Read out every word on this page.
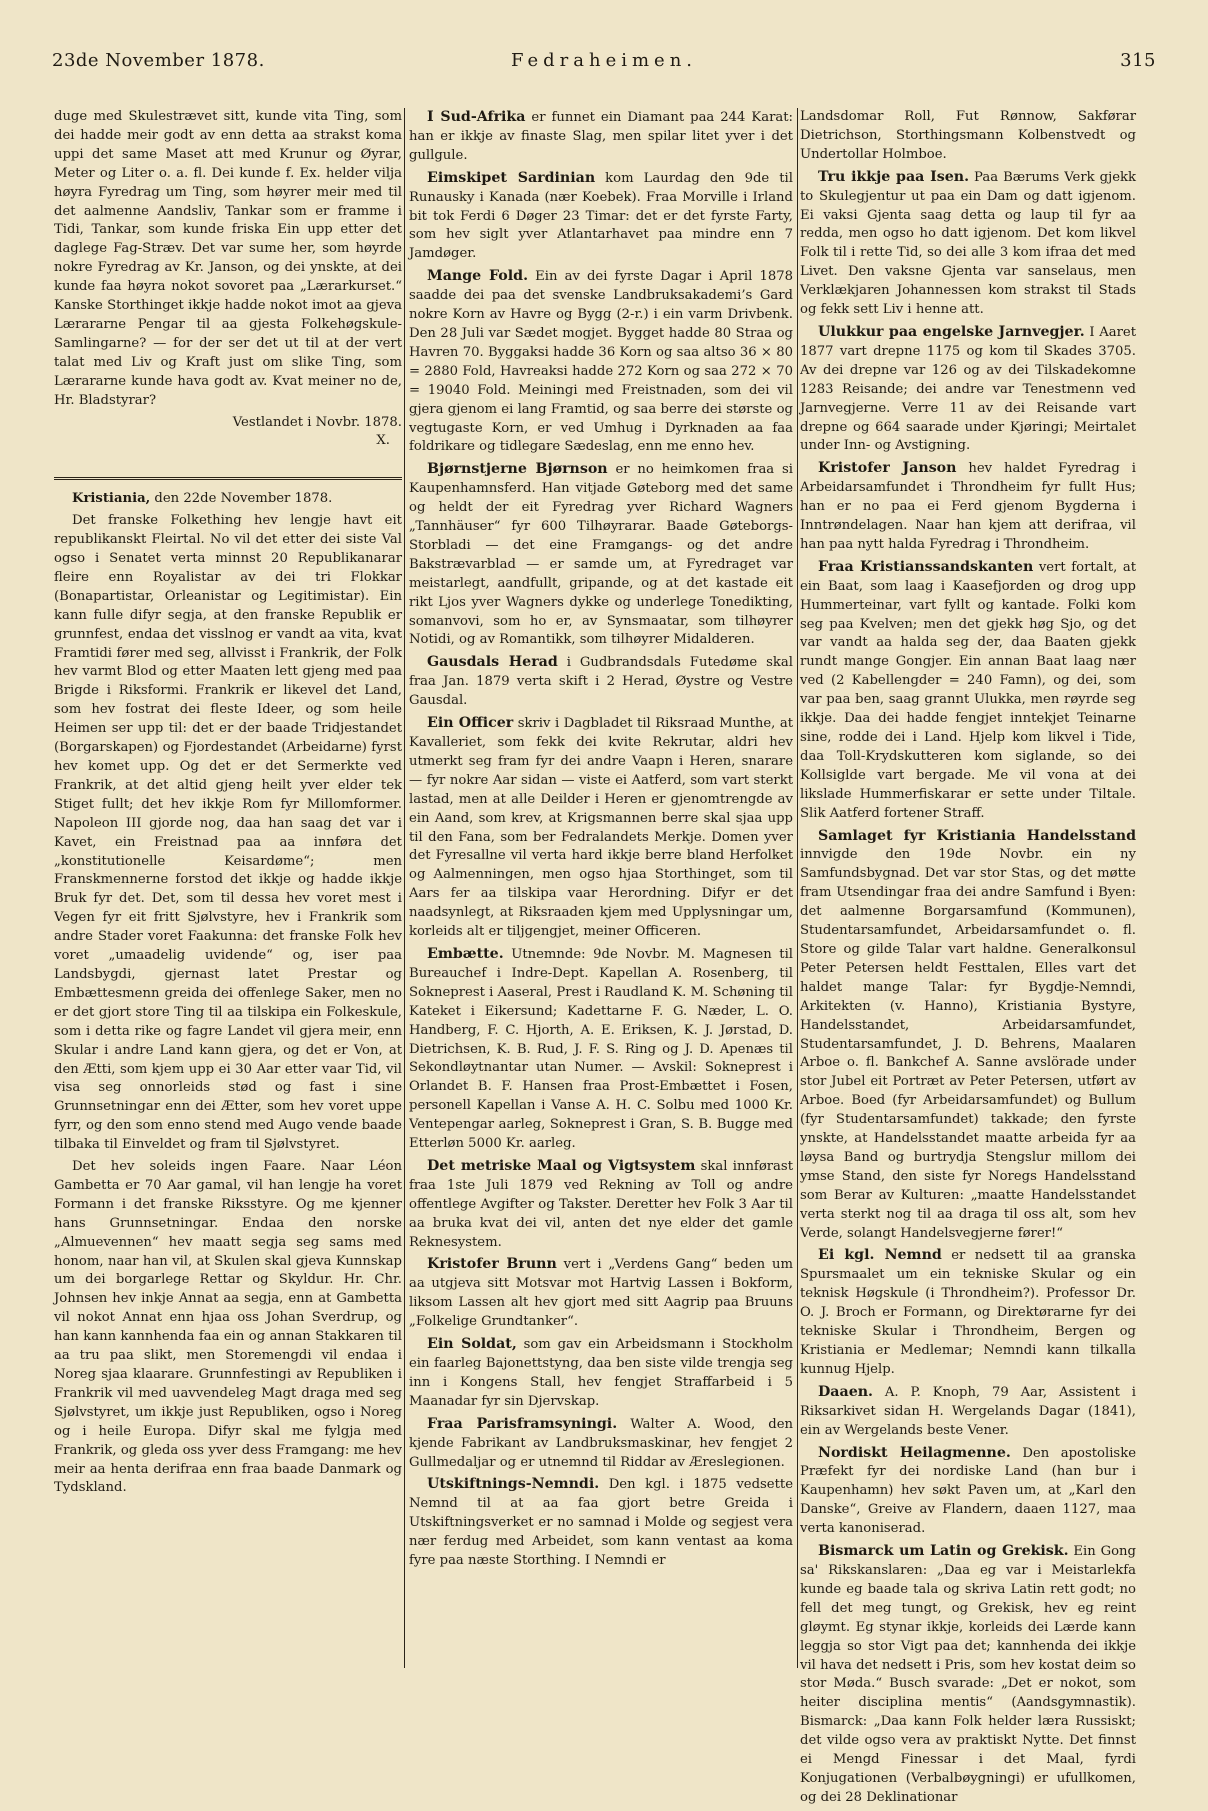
23de November 1878.	Fedraheimen.	315

duge med Skulestrævet sitt, kunde vita Ting, som dei hadde meir godt av enn detta aa strakst koma uppi det same Maset att med Krunur og Øyrar, Meter og Liter o. a. fl. Dei kunde f. Ex. helder vilja høyra Fyredrag um Ting, som høyrer meir med til det aalmenne Aandsliv, Tankar som er framme i Tidi, Tankar, som kunde friska Ein upp etter det daglege Fag-Stræv. Det var sume her, som høyrde nokre Fyredrag av Kr. Janson, og dei ynskte, at dei kunde faa høyra nokot sovoret paa „Lærarkurset.“ Kanske Storthinget ikkje hadde nokot imot aa gjeva Lærararne Pengar til aa gjesta Folkehøgskule-Samlingarne? — for der ser det ut til at der vert talat med Liv og Kraft just om slike Ting, som Lærararne kunde hava godt av. Kvat meiner no de, Hr. Bladstyrar?

Vestlandet i Novbr. 1878.

X.

Kristiania, den 22de November 1878.

Det franske Folkething hev lengje havt eit republikanskt Fleirtal. No vil det etter dei siste Val ogso i Senatet verta minnst 20 Republikanarar fleire enn Royalistar av dei tri Flokkar (Bonapartistar, Orleanistar og Legitimistar). Ein kann fulle difyr segja, at den franske Republik er grunnfest, endaa det visslnog er vandt aa vita, kvat Framtidi fører med seg, allvisst i Frankrik, der Folk hev varmt Blod og etter Maaten lett gjeng med paa Brigde i Riksformi. Frankrik er likevel det Land, som hev fostrat dei fleste Ideer, og som heile Heimen ser upp til: det er der baade Tridjestandet (Borgarskapen) og Fjordestandet (Arbeidarne) fyrst hev komet upp. Og det er det Sermerkte ved Frankrik, at det altid gjeng heilt yver elder tek Stiget fullt; det hev ikkje Rom fyr Millomformer. Napoleon III gjorde nog, daa han saag det var i Kavet, ein Freistnad paa aa innføra det „konstitutionelle Keisardøme“; men Franskmennerne forstod det ikkje og hadde ikkje Bruk fyr det. Det, som til dessa hev voret mest i Vegen fyr eit fritt Sjølvstyre, hev i Frankrik som andre Stader voret Faakunna: det franske Folk hev voret „umaadelig uvidende“ og, iser paa Landsbygdi, gjernast latet Prestar og Embættesmenn greida dei offenlege Saker, men no er det gjort store Ting til aa tilskipa ein Folkeskule, som i detta rike og fagre Landet vil gjera meir, enn Skular i andre Land kann gjera, og det er Von, at den Ætti, som kjem upp ei 30 Aar etter vaar Tid, vil visa seg onnorleids stød og fast i sine Grunnsetningar enn dei Ætter, som hev voret uppe fyrr, og den som enno stend med Augo vende baade tilbaka til Einveldet og fram til Sjølvstyret.

Det hev soleids ingen Faare. Naar Léon Gambetta er 70 Aar gamal, vil han lengje ha voret Formann i det franske Riksstyre. Og me kjenner hans Grunnsetningar. Endaa den norske „Almuevennen“ hev maatt segja seg sams med honom, naar han vil, at Skulen skal gjeva Kunnskap um dei borgarlege Rettar og Skyldur. Hr. Chr. Johnsen hev inkje Annat aa segja, enn at Gambetta vil nokot Annat enn hjaa oss Johan Sverdrup, og han kann kannhenda faa ein og annan Stakkaren til aa tru paa slikt, men Storemengdi vil endaa i Noreg sjaa klaarare. Grunnfestingi av Republiken i Frankrik vil med uavvendeleg Magt draga med seg Sjølvstyret, um ikkje just Republiken, ogso i Noreg og i heile Europa. Difyr skal me fylgja med Frankrik, og gleda oss yver dess Framgang: me hev meir aa henta derifraa enn fraa baade Danmark og Tydskland.

I Sud-Afrika er funnet ein Diamant paa 244 Karat: han er ikkje av finaste Slag, men spilar litet yver i det gullgule.

Eimskipet Sardinian kom Laurdag den 9de til Runausky i Kanada (nær Koebek). Fraa Morville i Irland bit tok Ferdi 6 Døger 23 Timar: det er det fyrste Farty, som hev siglt yver Atlantarhavet paa mindre enn 7 Jamdøger.

Mange Fold. Ein av dei fyrste Dagar i April 1878 saadde dei paa det svenske Landbruksakademi’s Gard nokre Korn av Havre og Bygg (2-r.) i ein varm Drivbenk. Den 28 Juli var Sædet mogjet. Bygget hadde 80 Straa og Havren 70. Byggaksi hadde 36 Korn og saa altso 36 × 80 = 2880 Fold, Havreaksi hadde 272 Korn og saa 272 × 70 = 19040 Fold. Meiningi med Freistnaden, som dei vil gjera gjenom ei lang Framtid, og saa berre dei største og vegtugaste Korn, er ved Umhug i Dyrknaden aa faa foldrikare og tidlegare Sædeslag, enn me enno hev.

Bjørnstjerne Bjørnson er no heimkomen fraa si Kaupenhamnsferd. Han vitjade Gøteborg med det same og heldt der eit Fyredrag yver Richard Wagners „Tannhäuser“ fyr 600 Tilhøyrarar. Baade Gøteborgs-Storbladi — det eine Framgangs- og det andre Bakstrævarblad — er samde um, at Fyredraget var meistarlegt, aandfullt, gripande, og at det kastade eit rikt Ljos yver Wagners dykke og underlege Tonedikting, somanvovi, som ho er, av Synsmaatar, som tilhøyrer Notidi, og av Romantikk, som tilhøyrer Midalderen.

Gausdals Herad i Gudbrandsdals Futedøme skal fraa Jan. 1879 verta skift i 2 Herad, Øystre og Vestre Gausdal.

Ein Officer skriv i Dagbladet til Riksraad Munthe, at Kavalleriet, som fekk dei kvite Rekrutar, aldri hev utmerkt seg fram fyr dei andre Vaapn i Heren, snarare — fyr nokre Aar sidan — viste ei Aatferd, som vart sterkt lastad, men at alle Deilder i Heren er gjenomtrengde av ein Aand, som krev, at Krigsmannen berre skal sjaa upp til den Fana, som ber Fedralandets Merkje. Domen yver det Fyresallne vil verta hard ikkje berre bland Herfolket og Aalmenningen, men ogso hjaa Storthinget, som til Aars fer aa tilskipa vaar Herordning. Difyr er det naadsynlegt, at Riksraaden kjem med Upplysningar um, korleids alt er tiljgengjet, meiner Officeren.

Embætte. Utnemnde: 9de Novbr. M. Magnesen til Bureauchef i Indre-Dept. Kapellan A. Rosenberg, til Sokneprest i Aaseral, Prest i Raudland K. M. Schøning til Kateket i Eikersund; Kadettarne F. G. Næder, L. O. Handberg, F. C. Hjorth, A. E. Eriksen, K. J. Jørstad, D. Dietrichsen, K. B. Rud, J. F. S. Ring og J. D. Apenæs til Sekondløytnantar utan Numer. — Avskil: Sokneprest i Orlandet B. F. Hansen fraa Prost-Embættet i Fosen, personell Kapellan i Vanse A. H. C. Solbu med 1000 Kr. Ventepengar aarleg, Sokneprest i Gran, S. B. Bugge med Etterløn 5000 Kr. aarleg.

Det metriske Maal og Vigtsystem skal innførast fraa 1ste Juli 1879 ved Rekning av Toll og andre offentlege Avgifter og Takster. Deretter hev Folk 3 Aar til aa bruka kvat dei vil, anten det nye elder det gamle Reknesystem.

Kristofer Brunn vert i „Verdens Gang“ beden um aa utgjeva sitt Motsvar mot Hartvig Lassen i Bokform, liksom Lassen alt hev gjort med sitt Aagrip paa Bruuns „Folkelige Grundtanker“.

Ein Soldat, som gav ein Arbeidsmann i Stockholm ein faarleg Bajonettstyng, daa ben siste vilde trengja seg inn i Kongens Stall, hev fengjet Straffarbeid i 5 Maanadar fyr sin Djervskap.

Fraa Parisframsyningi. Walter A. Wood, den kjende Fabrikant av Landbruksmaskinar, hev fengjet 2 Gullmedaljar og er utnemnd til Riddar av Æreslegionen.

Utskiftnings-Nemndi. Den kgl. i 1875 vedsette Nemnd til at aa faa gjort betre Greida i Utskiftningsverket er no samnad i Molde og segjest vera nær ferdug med Arbeidet, som kann ventast aa koma fyre paa næste Storthing. I Nemndi er

Landsdomar Roll, Fut Rønnow, Sakførar Dietrichson, Storthingsmann Kolbenstvedt og Undertollar Holmboe.

Tru ikkje paa Isen. Paa Bærums Verk gjekk to Skulegjentur ut paa ein Dam og datt igjenom. Ei vaksi Gjenta saag detta og laup til fyr aa redda, men ogso ho datt igjenom. Det kom likvel Folk til i rette Tid, so dei alle 3 kom ifraa det med Livet. Den vaksne Gjenta var sanselaus, men Verklækjaren Johannessen kom strakst til Stads og fekk sett Liv i henne att.

Ulukkur paa engelske Jarnvegjer. I Aaret 1877 vart drepne 1175 og kom til Skades 3705. Av dei drepne var 126 og av dei Tilskadekomne 1283 Reisande; dei andre var Tenestmenn ved Jarnvegjerne. Verre 11 av dei Reisande vart drepne og 664 saarade under Kjøringi; Meirtalet under Inn- og Avstigning.

Kristofer Janson hev haldet Fyredrag i Arbeidarsamfundet i Throndheim fyr fullt Hus; han er no paa ei Ferd gjenom Bygderna i Inntrøndelagen. Naar han kjem att derifraa, vil han paa nytt halda Fyredrag i Throndheim.

Fraa Kristianssandskanten vert fortalt, at ein Baat, som laag i Kaasefjorden og drog upp Hummerteinar, vart fyllt og kantade. Folki kom seg paa Kvelven; men det gjekk høg Sjo, og det var vandt aa halda seg der, daa Baaten gjekk rundt mange Gongjer. Ein annan Baat laag nær ved (2 Kabellengder = 240 Famn), og dei, som var paa ben, saag grannt Ulukka, men røyrde seg ikkje. Daa dei hadde fengjet inntekjet Teinarne sine, rodde dei i Land. Hjelp kom likvel i Tide, daa Toll-Krydskutteren kom siglande, so dei Kollsiglde vart bergade. Me vil vona at dei likslade Hummerfiskarar er sette under Tiltale. Slik Aatferd fortener Straff.

Samlaget fyr Kristiania Handelsstand innvigde den 19de Novbr. ein ny Samfundsbygnad. Det var stor Stas, og det møtte fram Utsendingar fraa dei andre Samfund i Byen: det aalmenne Borgarsamfund (Kommunen), Studentarsamfundet, Arbeidarsamfundet o. fl. Store og gilde Talar vart haldne. Generalkonsul Peter Petersen heldt Festtalen, Elles vart det haldet mange Talar: fyr Bygdje-Nemndi, Arkitekten (v. Hanno), Kristiania Bystyre, Handelsstandet, Arbeidarsamfundet, Studentarsamfundet, J. D. Behrens, Maalaren Arboe o. fl. Bankchef A. Sanne avslörade under stor Jubel eit Portræt av Peter Petersen, utført av Arboe. Boed (fyr Arbeidarsamfundet) og Bullum (fyr Studentarsamfundet) takkade; den fyrste ynskte, at Handelsstandet maatte arbeida fyr aa løysa Band og burtrydja Stengslur millom dei ymse Stand, den siste fyr Noregs Handelsstand som Berar av Kulturen: „maatte Handelsstandet verta sterkt nog til aa draga til oss alt, som hev Verde, solangt Handelsvegjerne fører!“

Ei kgl. Nemnd er nedsett til aa granska Spursmaalet um ein tekniske Skular og ein teknisk Høgskule (i Throndheim?). Professor Dr. O. J. Broch er Formann, og Direktørarne fyr dei tekniske Skular i Throndheim, Bergen og Kristiania er Medlemar; Nemndi kann tilkalla kunnug Hjelp.

Daaen. A. P. Knoph, 79 Aar, Assistent i Riksarkivet sidan H. Wergelands Dagar (1841), ein av Wergelands beste Vener.

Nordiskt Heilagmenne. Den apostoliske Præfekt fyr dei nordiske Land (han bur i Kaupenhamn) hev søkt Paven um, at „Karl den Danske“, Greive av Flandern, daaen 1127, maa verta kanoniserad.

Bismarck um Latin og Grekisk. Ein Gong sa' Rikskanslaren: „Daa eg var i Meistarlekfa kunde eg baade tala og skriva Latin rett godt; no fell det meg tungt, og Grekisk, hev eg reint gløymt. Eg stynar ikkje, korleids dei Lærde kann leggja so stor Vigt paa det; kannhenda dei ikkje vil hava det nedsett i Pris, som hev kostat deim so stor Møda.“ Busch svarade: „Det er nokot, som heiter disciplina mentis“ (Aandsgymnastik). Bismarck: „Daa kann Folk helder læra Russiskt; det vilde ogso vera av praktiskt Nytte. Det finnst ei Mengd Finessar i det Maal, fyrdi Konjugationen (Verbalbøygningi) er ufullkomen, og dei 28 Deklinationar
